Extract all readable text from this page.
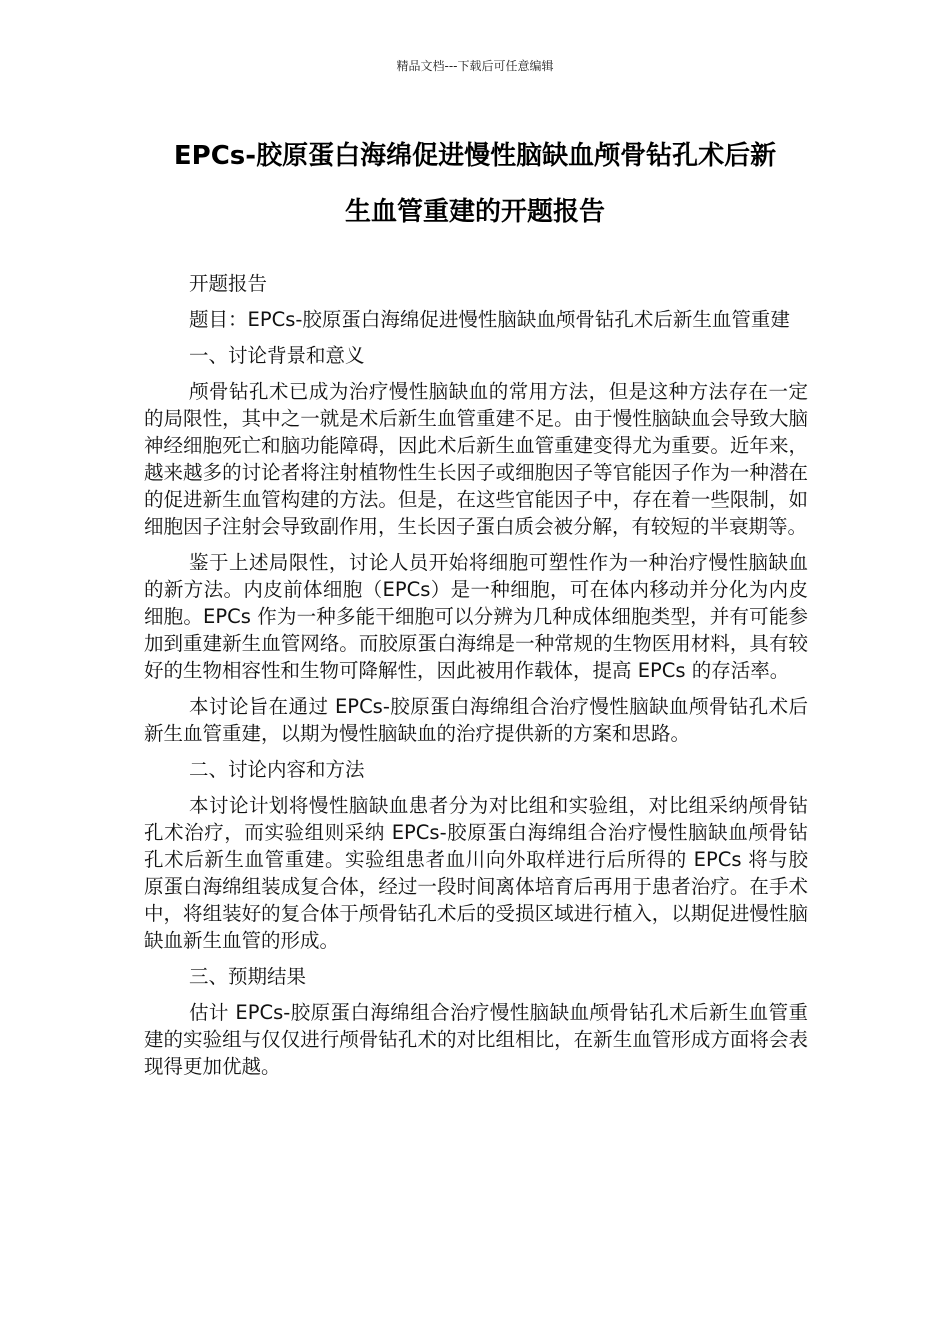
精品文档---下载后可任意编辑
EPCs-胶原蛋白海绵促进慢性脑缺血颅骨钻孔术后新
生血管重建的开题报告

开题报告

题目：EPCs-胶原蛋白海绵促进慢性脑缺血颅骨钻孔术后新生血管重建

一、讨论背景和意义

颅骨钻孔术已成为治疗慢性脑缺血的常用方法，但是这种方法存在一定的局限性，其中之一就是术后新生血管重建不足。由于慢性脑缺血会导致大脑神经细胞死亡和脑功能障碍，因此术后新生血管重建变得尤为重要。近年来，越来越多的讨论者将注射植物性生长因子或细胞因子等官能因子作为一种潜在的促进新生血管构建的方法。但是，在这些官能因子中，存在着一些限制，如细胞因子注射会导致副作用，生长因子蛋白质会被分解，有较短的半衰期等。

鉴于上述局限性，讨论人员开始将细胞可塑性作为一种治疗慢性脑缺血的新方法。内皮前体细胞（EPCs）是一种细胞，可在体内移动并分化为内皮细胞。EPCs 作为一种多能干细胞可以分辨为几种成体细胞类型，并有可能参加到重建新生血管网络。而胶原蛋白海绵是一种常规的生物医用材料，具有较好的生物相容性和生物可降解性，因此被用作载体，提高 EPCs 的存活率。

本讨论旨在通过 EPCs-胶原蛋白海绵组合治疗慢性脑缺血颅骨钻孔术后新生血管重建，以期为慢性脑缺血的治疗提供新的方案和思路。

二、讨论内容和方法

本讨论计划将慢性脑缺血患者分为对比组和实验组，对比组采纳颅骨钻孔术治疗，而实验组则采纳 EPCs-胶原蛋白海绵组合治疗慢性脑缺血颅骨钻孔术后新生血管重建。实验组患者血川向外取样进行后所得的 EPCs 将与胶原蛋白海绵组装成复合体，经过一段时间离体培育后再用于患者治疗。在手术中，将组装好的复合体于颅骨钻孔术后的受损区域进行植入，以期促进慢性脑缺血新生血管的形成。

三、预期结果

估计 EPCs-胶原蛋白海绵组合治疗慢性脑缺血颅骨钻孔术后新生血管重建的实验组与仅仅进行颅骨钻孔术的对比组相比，在新生血管形成方面将会表现得更加优越。
